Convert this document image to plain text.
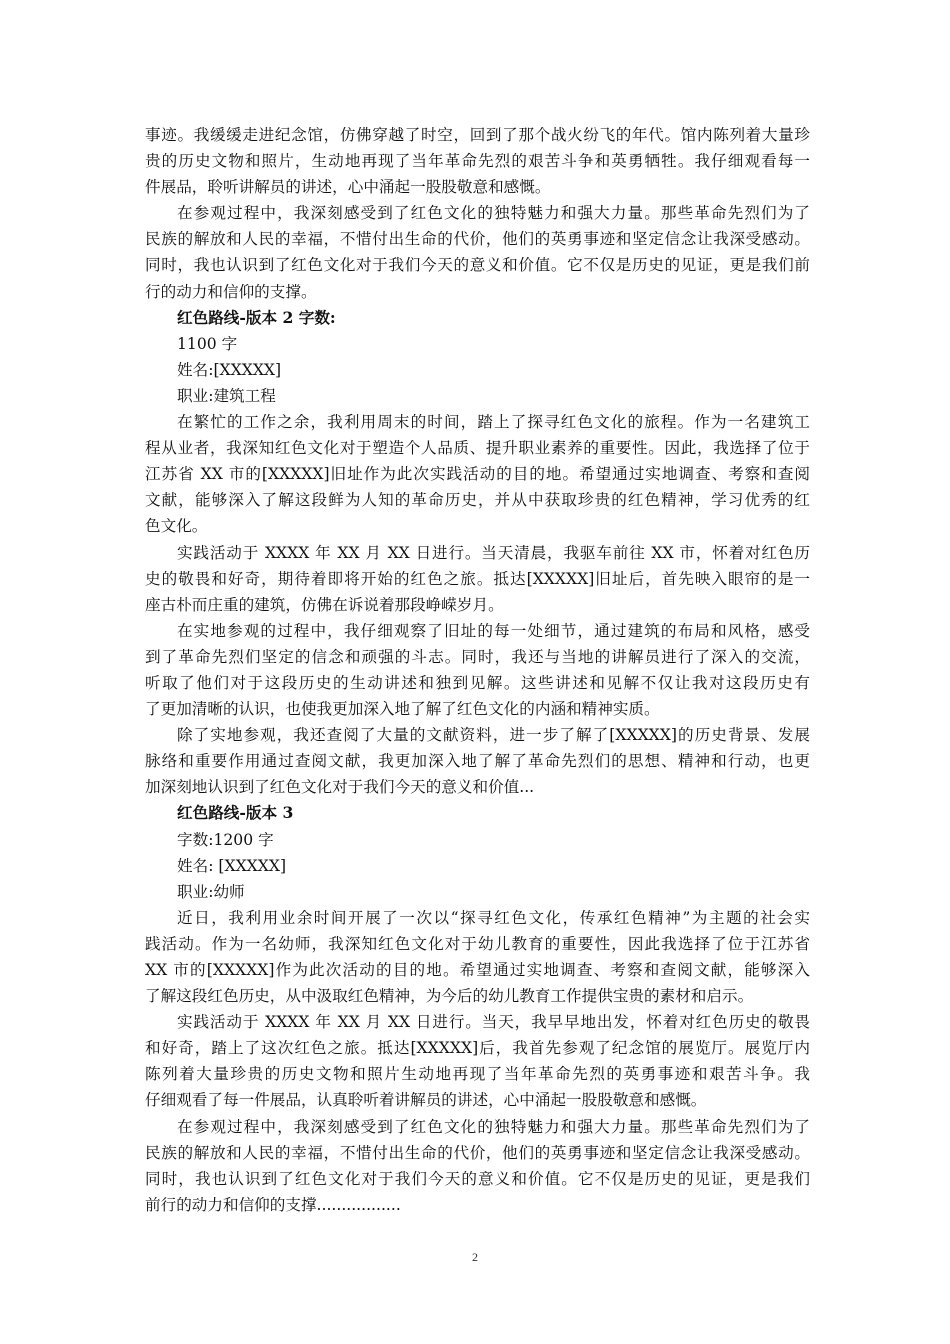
事迹。我缓缓走进纪念馆，仿佛穿越了时空，回到了那个战火纷飞的年代。馆内陈列着大量珍
贵的历史文物和照片，生动地再现了当年革命先烈的艰苦斗争和英勇牺牲。我仔细观看每一
件展品，聆听讲解员的讲述，心中涌起一股股敬意和感慨。
在参观过程中，我深刻感受到了红色文化的独特魅力和强大力量。那些革命先烈们为了
民族的解放和人民的幸福，不惜付出生命的代价，他们的英勇事迹和坚定信念让我深受感动。
同时，我也认识到了红色文化对于我们今天的意义和价值。它不仅是历史的见证，更是我们前
行的动力和信仰的支撑。
红色路线-版本 2 字数:
1100 字
姓名:[XXXXX]
职业:建筑工程
在繁忙的工作之余，我利用周末的时间，踏上了探寻红色文化的旅程。作为一名建筑工
程从业者，我深知红色文化对于塑造个人品质、提升职业素养的重要性。因此，我选择了位于
江苏省 XX 市的[XXXXX]旧址作为此次实践活动的目的地。希望通过实地调查、考察和查阅
文献，能够深入了解这段鲜为人知的革命历史，并从中获取珍贵的红色精神，学习优秀的红
色文化。
实践活动于 XXXX 年 XX 月 XX 日进行。当天清晨，我驱车前往 XX 市，怀着对红色历
史的敬畏和好奇，期待着即将开始的红色之旅。抵达[XXXXX]旧址后，首先映入眼帘的是一
座古朴而庄重的建筑，仿佛在诉说着那段峥嵘岁月。
在实地参观的过程中，我仔细观察了旧址的每一处细节，通过建筑的布局和风格，感受
到了革命先烈们坚定的信念和顽强的斗志。同时，我还与当地的讲解员进行了深入的交流，
听取了他们对于这段历史的生动讲述和独到见解。这些讲述和见解不仅让我对这段历史有
了更加清晰的认识，也使我更加深入地了解了红色文化的内涵和精神实质。
除了实地参观，我还查阅了大量的文献资料，进一步了解了[XXXXX]的历史背景、发展
脉络和重要作用通过查阅文献，我更加深入地了解了革命先烈们的思想、精神和行动，也更
加深刻地认识到了红色文化对于我们今天的意义和价值...
红色路线-版本 3
字数:1200 字
姓名: [XXXXX]
职业:幼师
近日，我利用业余时间开展了一次以“探寻红色文化，传承红色精神”为主题的社会实
践活动。作为一名幼师，我深知红色文化对于幼儿教育的重要性，因此我选择了位于江苏省
XX 市的[XXXXX]作为此次活动的目的地。希望通过实地调查、考察和查阅文献，能够深入
了解这段红色历史，从中汲取红色精神，为今后的幼儿教育工作提供宝贵的素材和启示。
实践活动于 XXXX 年 XX 月 XX 日进行。当天，我早早地出发，怀着对红色历史的敬畏
和好奇，踏上了这次红色之旅。抵达[XXXXX]后，我首先参观了纪念馆的展览厅。展览厅内
陈列着大量珍贵的历史文物和照片生动地再现了当年革命先烈的英勇事迹和艰苦斗争。我
仔细观看了每一件展品，认真聆听着讲解员的讲述，心中涌起一股股敬意和感慨。
在参观过程中，我深刻感受到了红色文化的独特魅力和强大力量。那些革命先烈们为了
民族的解放和人民的幸福，不惜付出生命的代价，他们的英勇事迹和坚定信念让我深受感动。
同时，我也认识到了红色文化对于我们今天的意义和价值。它不仅是历史的见证，更是我们
前行的动力和信仰的支撑.................
2
